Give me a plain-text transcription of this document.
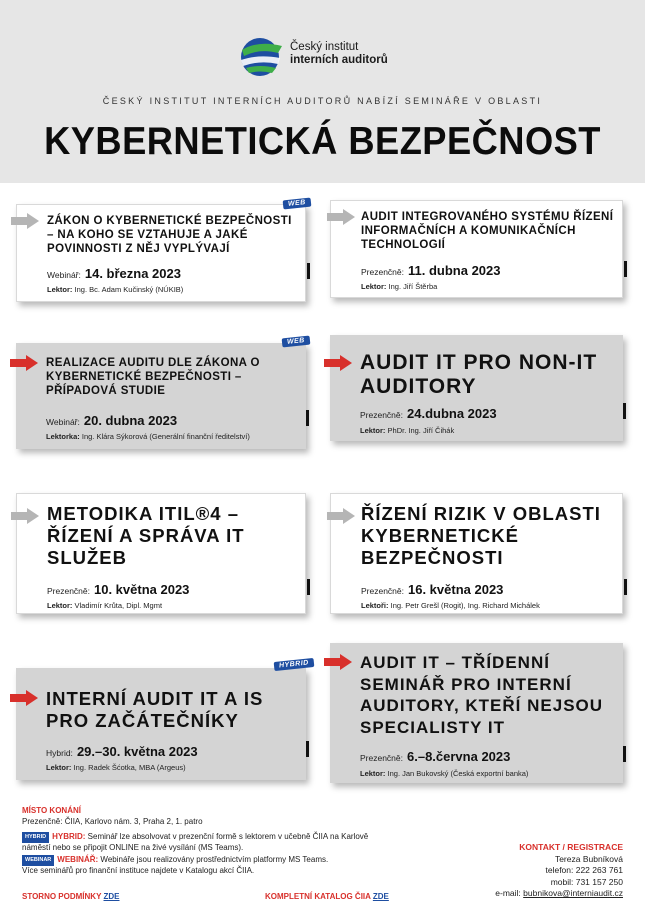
Český institut
interních auditorů
ČESKÝ INSTITUT INTERNÍCH AUDITORŮ NABÍZÍ SEMINÁŘE V OBLASTI
KYBERNETICKÁ BEZPEČNOST
WEB
ZÁKON O KYBERNETICKÉ BEZPEČNOSTI – NA KOHO SE VZTAHUJE A JAKÉ POVINNOSTI Z NĚJ VYPLÝVAJÍ
Webinář: 14. března 2023
Lektor: Ing. Bc. Adam Kučinský (NÚKIB)
AUDIT INTEGROVANÉHO SYSTÉMU ŘÍZENÍ INFORMAČNÍCH A KOMUNIKAČNÍCH TECHNOLOGIÍ
Prezenčně: 11. dubna 2023
Lektor: Ing. Jiří Štěrba
WEB
REALIZACE AUDITU DLE ZÁKONA O KYBERNETICKÉ BEZPEČNOSTI – PŘÍPADOVÁ STUDIE
Webinář: 20. dubna 2023
Lektorka: Ing. Klára Sýkorová (Generální finanční ředitelství)
AUDIT IT PRO NON-IT AUDITORY
Prezenčně: 24.dubna 2023
Lektor: PhDr. Ing. Jiří Čihák
METODIKA ITIL®4 – ŘÍZENÍ A SPRÁVA IT SLUŽEB
Prezenčně: 10. května 2023
Lektor: Vladimír Krůta, Dipl. Mgmt
ŘÍZENÍ RIZIK V OBLASTI KYBERNETICKÉ BEZPEČNOSTI
Prezenčně: 16. května 2023
Lektoři: Ing. Petr Grešl (Rogit), Ing. Richard Michálek
HYBRID
INTERNÍ AUDIT IT A IS PRO ZAČÁTEČNÍKY
Hybrid: 29.–30. května 2023
Lektor: Ing. Radek Šćotka, MBA (Argeus)
AUDIT IT – TŘÍDENNÍ SEMINÁŘ PRO INTERNÍ AUDITORY, KTEŘÍ NEJSOU SPECIALISTY IT
Prezenčně: 6.–8.června 2023
Lektor: Ing. Jan Bukovský (Česká exportní banka)
MÍSTO KONÁNÍ
Prezenčně: ČIIA, Karlovo nám. 3, Praha 2, 1. patro
HYBRID HYBRID: Seminář lze absolvovat v prezenční formě s lektorem v učebně ČIIA na Karlově náměstí nebo se připojit ONLINE na živé vysílání (MS Teams).
WEBINAR WEBINÁŘ: Webináře jsou realizovány prostřednictvím platformy MS Teams.
Více seminářů pro finanční instituce najdete v Katalogu akcí ČIIA.
STORNO PODMÍNKY ZDE	KOMPLETNÍ KATALOG ČIIA ZDE
KONTAKT / REGISTRACE
Tereza Bubníková
telefon: 222 263 761
mobil: 731 157 250
e-mail: bubnikova@interniaudit.cz
